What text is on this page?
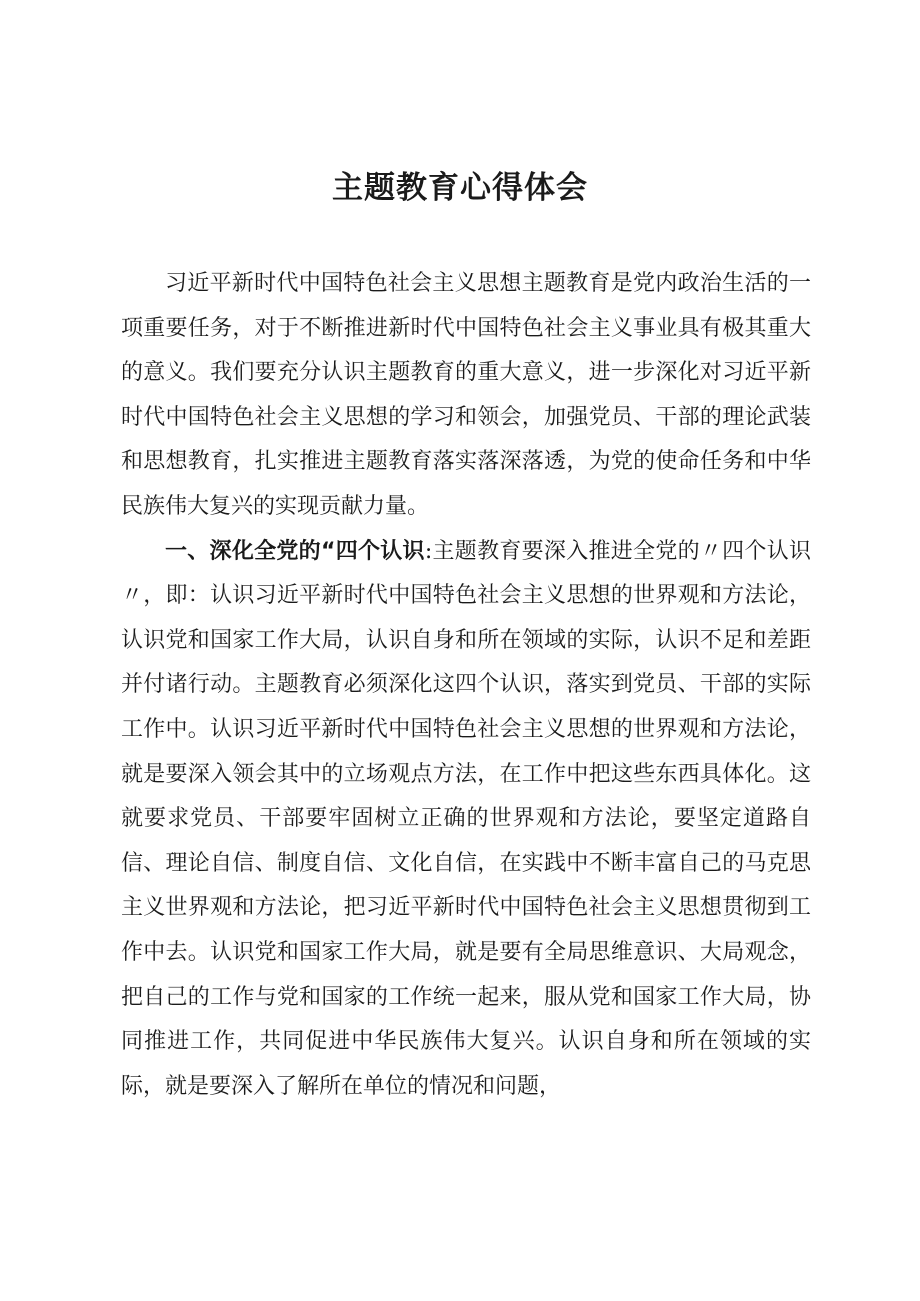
主题教育心得体会

习近平新时代中国特色社会主义思想主题教育是党内政治生活的一项重要任务，对于不断推进新时代中国特色社会主义事业具有极其重大的意义。我们要充分认识主题教育的重大意义，进一步深化对习近平新时代中国特色社会主义思想的学习和领会，加强党员、干部的理论武装和思想教育，扎实推进主题教育落实落深落透，为党的使命任务和中华民族伟大复兴的实现贡献力量。

一、深化全党的“四个认识:主题教育要深入推进全党的〃四个认识〃，即：认识习近平新时代中国特色社会主义思想的世界观和方法论，认识党和国家工作大局，认识自身和所在领域的实际，认识不足和差距并付诸行动。主题教育必须深化这四个认识，落实到党员、干部的实际工作中。认识习近平新时代中国特色社会主义思想的世界观和方法论，就是要深入领会其中的立场观点方法，在工作中把这些东西具体化。这就要求党员、干部要牢固树立正确的世界观和方法论，要坚定道路自信、理论自信、制度自信、文化自信，在实践中不断丰富自己的马克思主义世界观和方法论，把习近平新时代中国特色社会主义思想贯彻到工作中去。认识党和国家工作大局，就是要有全局思维意识、大局观念，把自己的工作与党和国家的工作统一起来，服从党和国家工作大局，协同推进工作，共同促进中华民族伟大复兴。认识自身和所在领域的实际，就是要深入了解所在单位的情况和问题，
